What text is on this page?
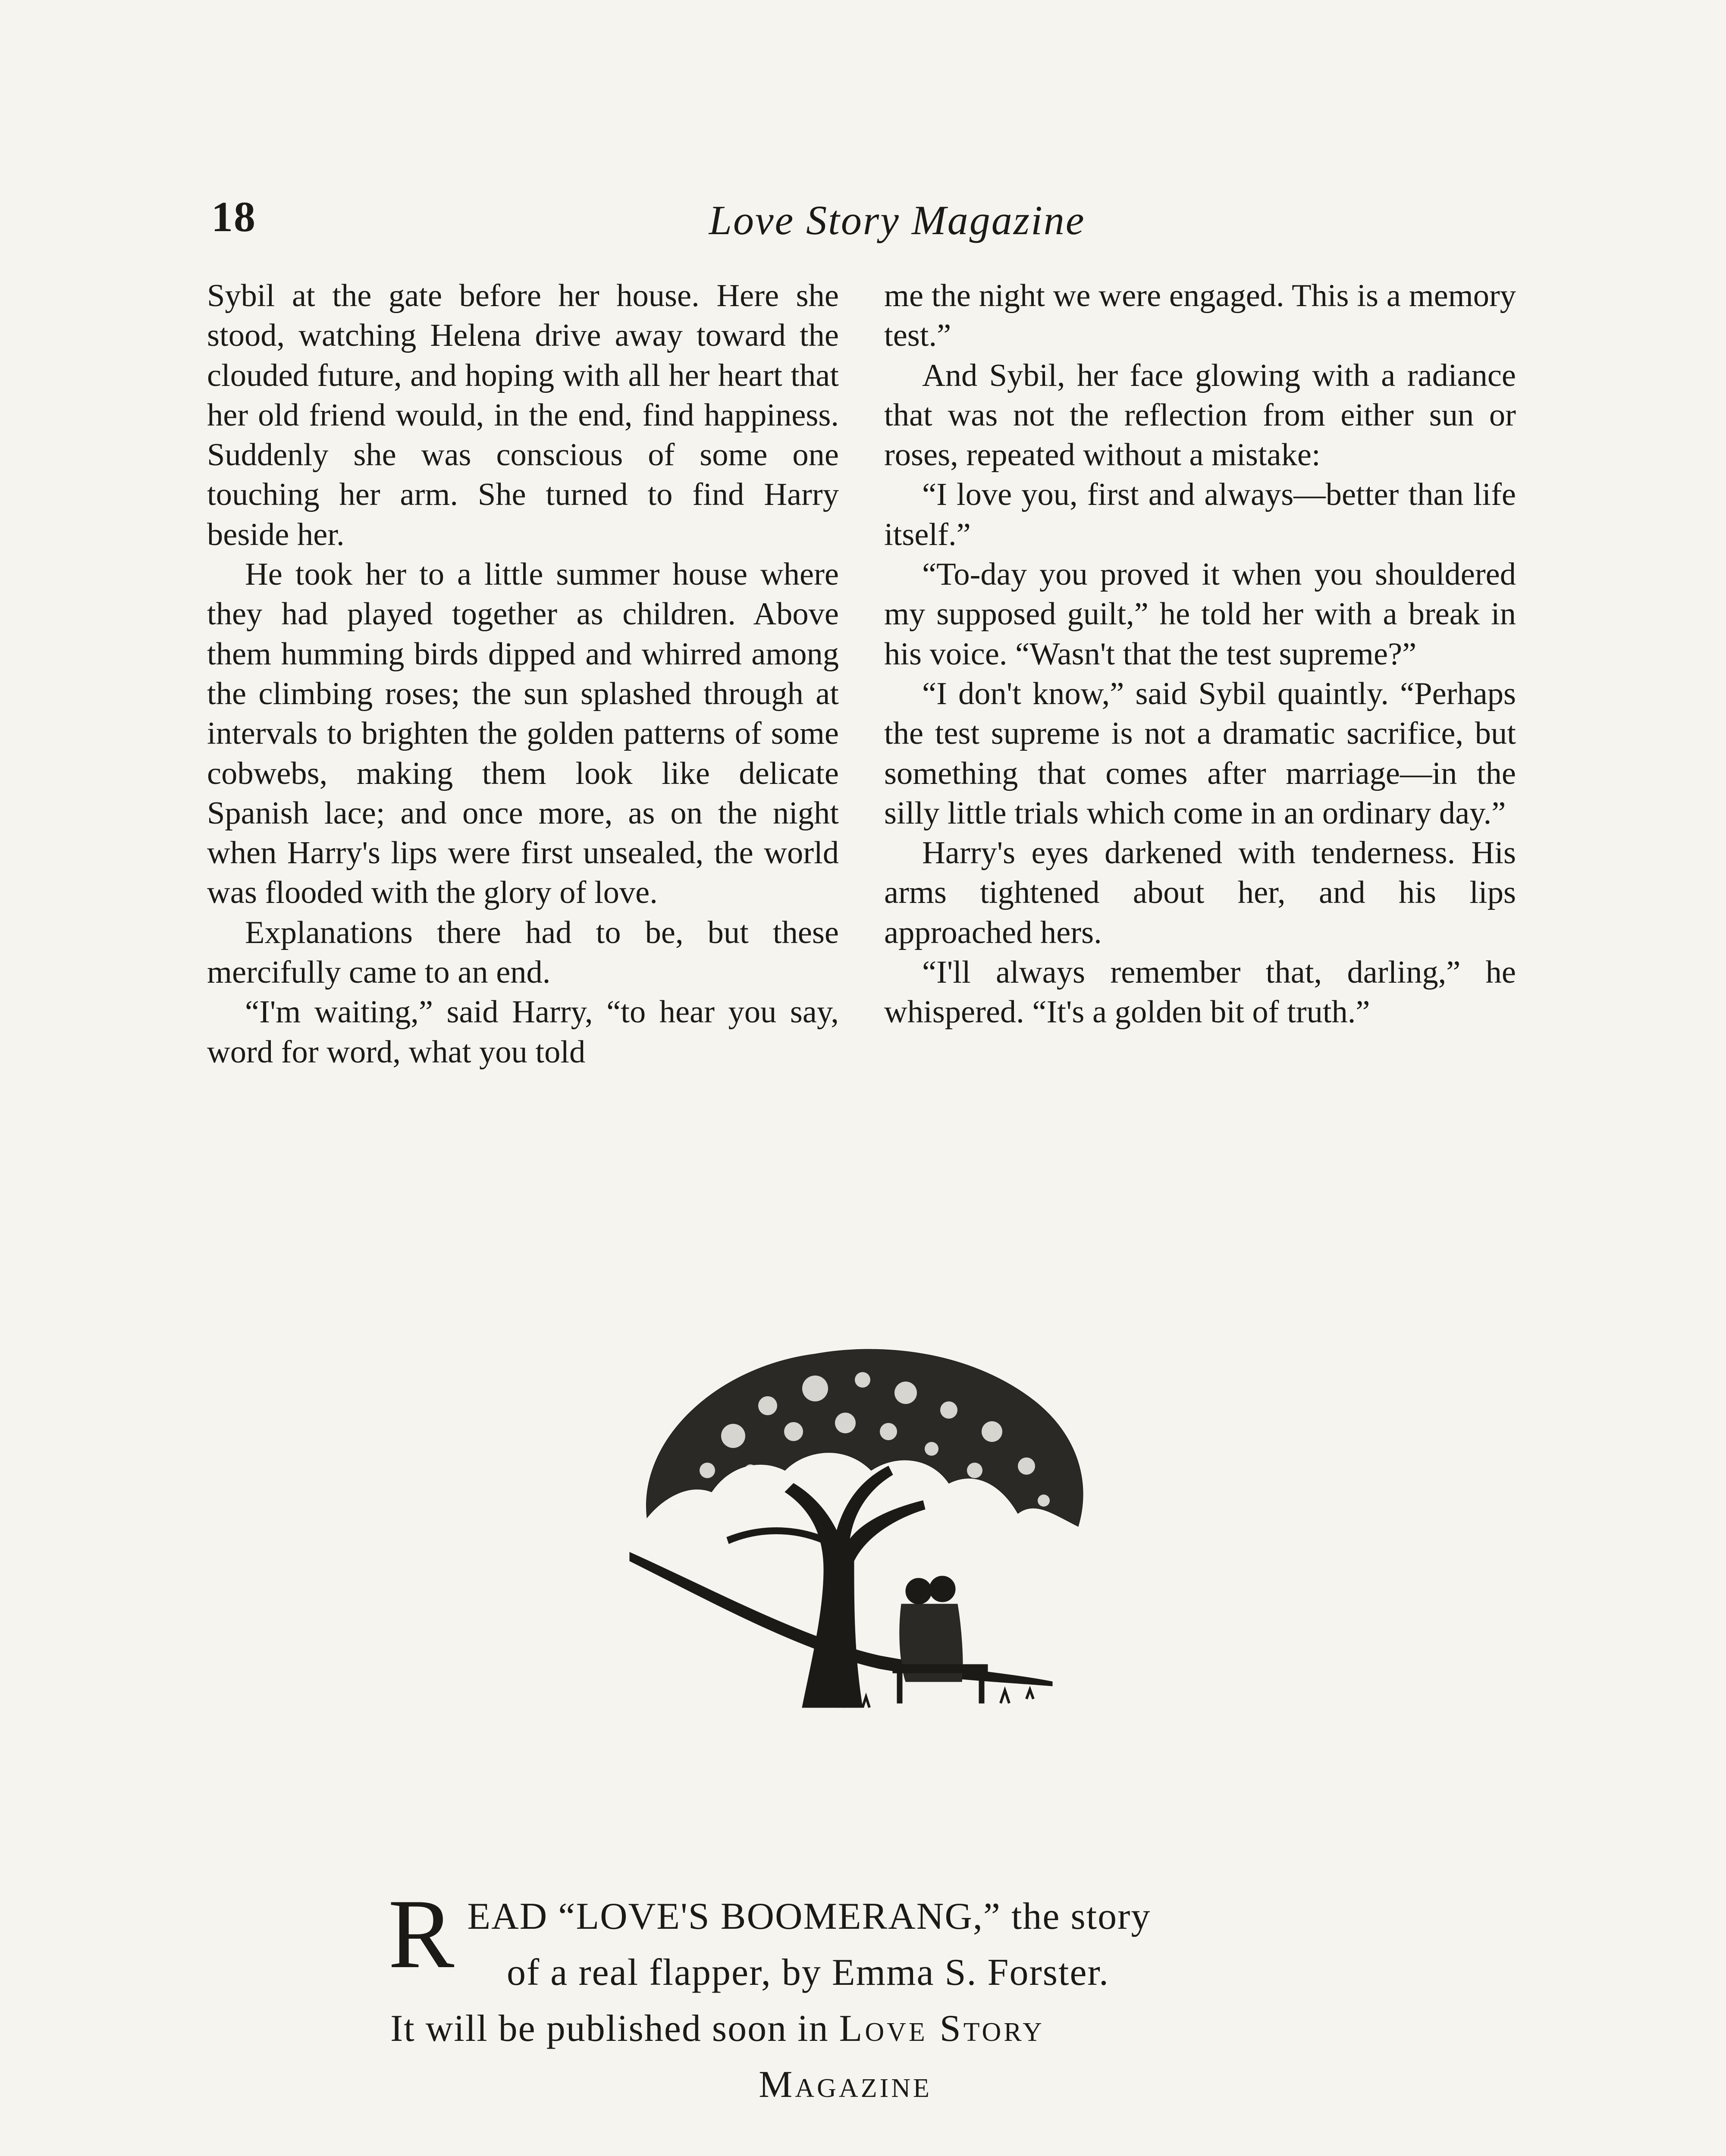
18	Love Story Magazine

Sybil at the gate before her house. Here she stood, watching Helena drive away toward the clouded future, and hoping with all her heart that her old friend would, in the end, find happiness. Suddenly she was conscious of some one touching her arm. She turned to find Harry beside her.

He took her to a little summer house where they had played together as children. Above them humming birds dipped and whirred among the climbing roses; the sun splashed through at intervals to brighten the golden patterns of some cobwebs, making them look like delicate Spanish lace; and once more, as on the night when Harry's lips were first unsealed, the world was flooded with the glory of love.

Explanations there had to be, but these mercifully came to an end.

“I'm waiting,” said Harry, “to hear you say, word for word, what you told

me the night we were engaged. This is a memory test.”

And Sybil, her face glowing with a radiance that was not the reflection from either sun or roses, repeated without a mistake:

“I love you, first and always—better than life itself.”

“To-day you proved it when you shouldered my supposed guilt,” he told her with a break in his voice. “Wasn't that the test supreme?”

“I don't know,” said Sybil quaintly. “Perhaps the test supreme is not a dramatic sacrifice, but something that comes after marriage—in the silly little trials which come in an ordinary day.”

Harry's eyes darkened with tenderness. His arms tightened about her, and his lips approached hers.

“I'll always remember that, darling,” he whispered. “It's a golden bit of truth.”

R EAD “LOVE'S BOOMERANG,” the story
of a real flapper, by Emma S. Forster.
It will be published soon in Love Story
Magazine
